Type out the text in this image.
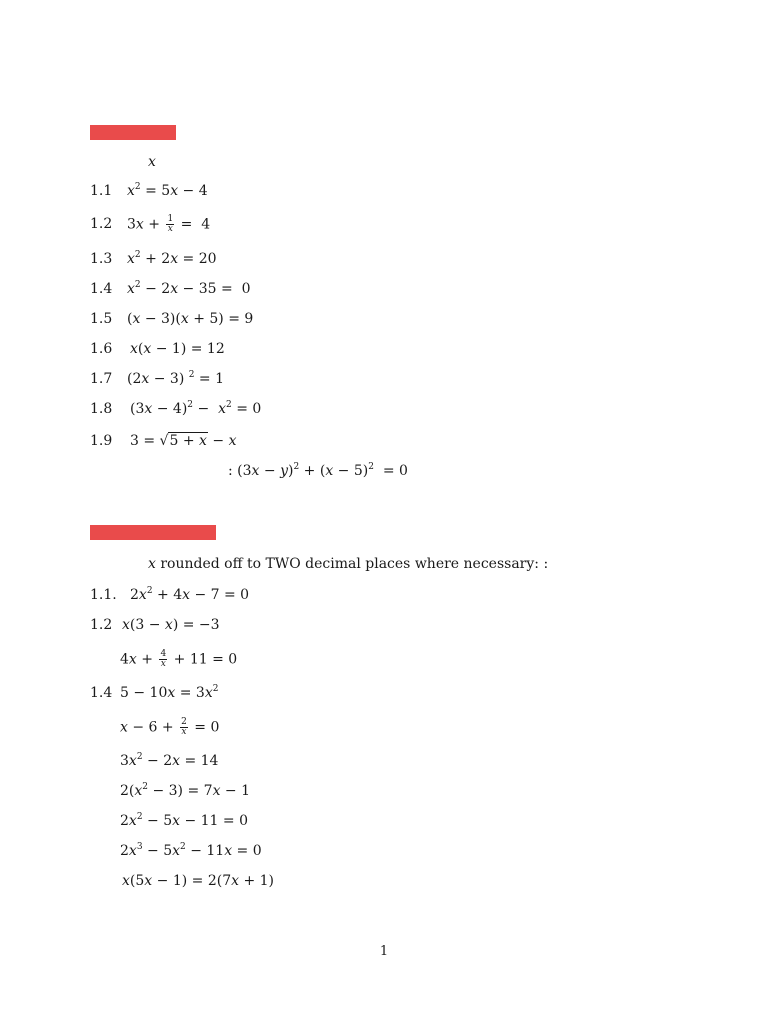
x
1.1 $x^2 = 5x - 4$
1.2 $3x + \frac{1}{x} = 4$
1.3 $x^2 + 2x = 20$
1.4 $x^2 - 2x - 35 = 0$
1.5 (x − 3)(x + 5) = 9
1.6 x(x − 1) = 12
1.7 (2x − 3) $^2$ = 1
1.8 $(3x - 4)^2 - x^2 = 0$
1.9 3 = √5 + x − x
: $(3x - y)^2 + (x - 5)^2 = 0$
x rounded off to TWO decimal places where necessary: :
1.1. $2x^2 + 4x - 7 = 0$
1.2 x(3 − x) = −3
$4x + \frac{4}{x} + 11 = 0$
1.4 $5 - 10x = 3x^2$
$x - 6 + \frac{2}{x} = 0$
$3x^2 - 2x = 14$
$2(x^2 - 3) = 7x - 1$
$2x^2 - 5x - 11 = 0$
$2x^3 - 5x^2 - 11x = 0$
x(5x − 1) = 2(7x + 1)
1
